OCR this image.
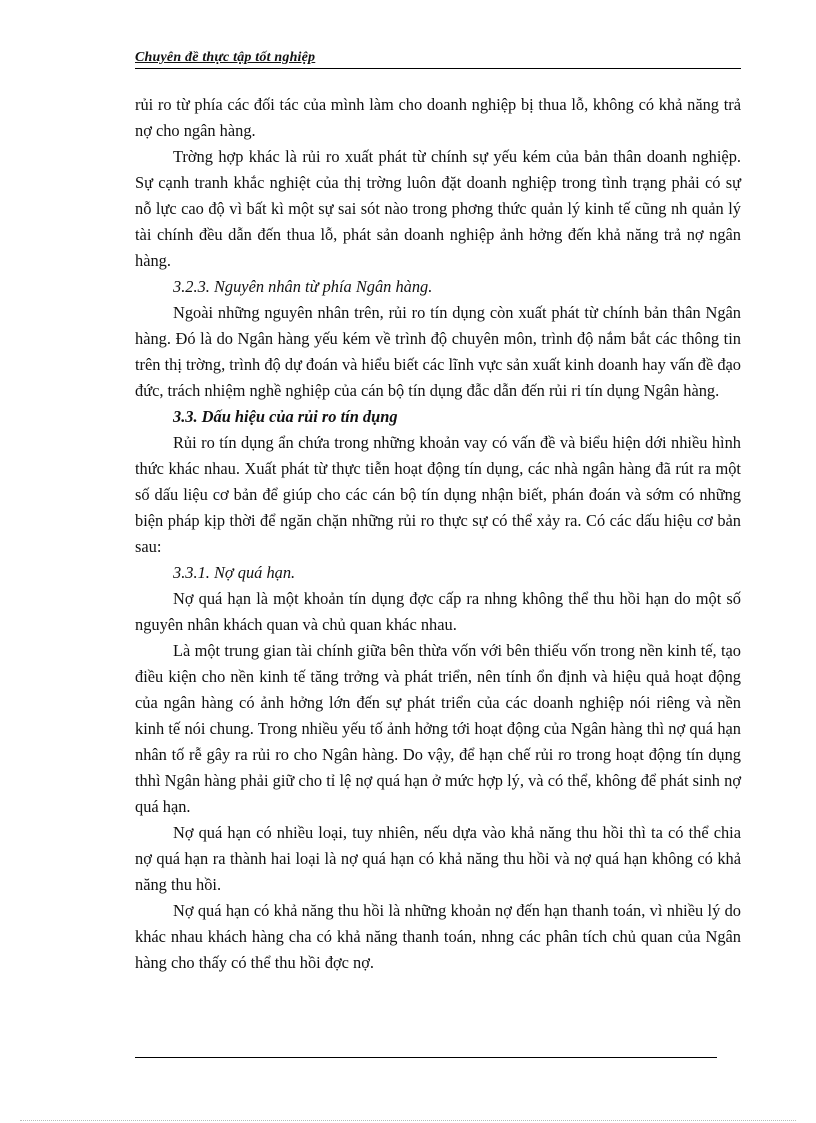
Chuyên đề thực tập tốt nghiệp

rủi ro từ phía các đối tác của mình làm cho doanh nghiệp bị thua lỗ, không có khả năng trả nợ cho ngân hàng.

Trờng hợp khác là rủi ro xuất phát từ chính sự yếu kém của bản thân doanh nghiệp. Sự cạnh tranh khắc nghiệt của thị trờng luôn đặt doanh nghiệp trong tình trạng phải có sự nỗ lực cao độ vì bất kì một sự sai sót nào trong phơng thức quản lý kinh tế cũng nh quản lý tài chính đều dẫn đến thua lỗ, phát sản doanh nghiệp ảnh hởng đến khả năng trả nợ ngân hàng.

3.2.3. Nguyên nhân từ phía Ngân hàng.

Ngoài những nguyên nhân trên, rủi ro tín dụng còn xuất phát từ chính bản thân Ngân hàng. Đó là do Ngân hàng yếu kém về trình độ chuyên môn, trình độ nắm bắt các thông tin trên thị trờng, trình độ dự đoán và hiểu biết các lĩnh vực sản xuất kinh doanh hay vấn đề đạo đức, trách nhiệm nghề nghiệp của cán bộ tín dụng đẫc dẫn đến rủi ri tín dụng Ngân hàng.

3.3. Dấu hiệu của rủi ro tín dụng

Rủi ro tín dụng ẩn chứa trong những khoản vay có vấn đề và biểu hiện dới nhiều hình thức khác nhau. Xuất phát từ thực tiễn hoạt động tín dụng, các nhà ngân hàng đã rút ra một số dấu liệu cơ bản để giúp cho các cán bộ tín dụng nhận biết, phán đoán và sớm có những biện pháp kịp thời để ngăn chặn những rủi ro thực sự có thể xảy ra. Có các dấu hiệu cơ bản sau:

3.3.1. Nợ quá hạn.

Nợ quá hạn là một khoản tín dụng đợc cấp ra nhng không thể thu hồi hạn do một số nguyên nhân khách quan và chủ quan khác nhau.

Là một trung gian tài chính giữa bên thừa vốn với bên thiếu vốn trong nền kinh tế, tạo điều kiện cho nền kinh tế tăng trởng và phát triển, nên tính ổn định và hiệu quả hoạt động của ngân hàng có ảnh hởng lớn đến sự phát triển của các doanh nghiệp nói riêng và nền kinh tế nói chung. Trong nhiều yếu tố ảnh hởng tới hoạt động của Ngân hàng thì nợ quá hạn nhân tố rễ gây ra rủi ro cho Ngân hàng. Do vậy, để hạn chế rủi ro trong hoạt động tín dụng thhì Ngân hàng phải giữ cho tỉ lệ nợ quá hạn ở mức hợp lý, và có thể, không để phát sinh nợ quá hạn.

Nợ quá hạn có nhiều loại, tuy nhiên, nếu dựa vào khả năng thu hồi thì ta có thể chia nợ quá hạn ra thành hai loại là nợ quá hạn có khả năng thu hồi và nợ quá hạn không có khả năng thu hồi.

Nợ quá hạn có khả năng thu hồi là những khoản nợ đến hạn thanh toán, vì nhiều lý do khác nhau khách hàng cha có khả năng thanh toán, nhng các phân tích chủ quan của Ngân hàng cho thấy có thể thu hồi đợc nợ.
